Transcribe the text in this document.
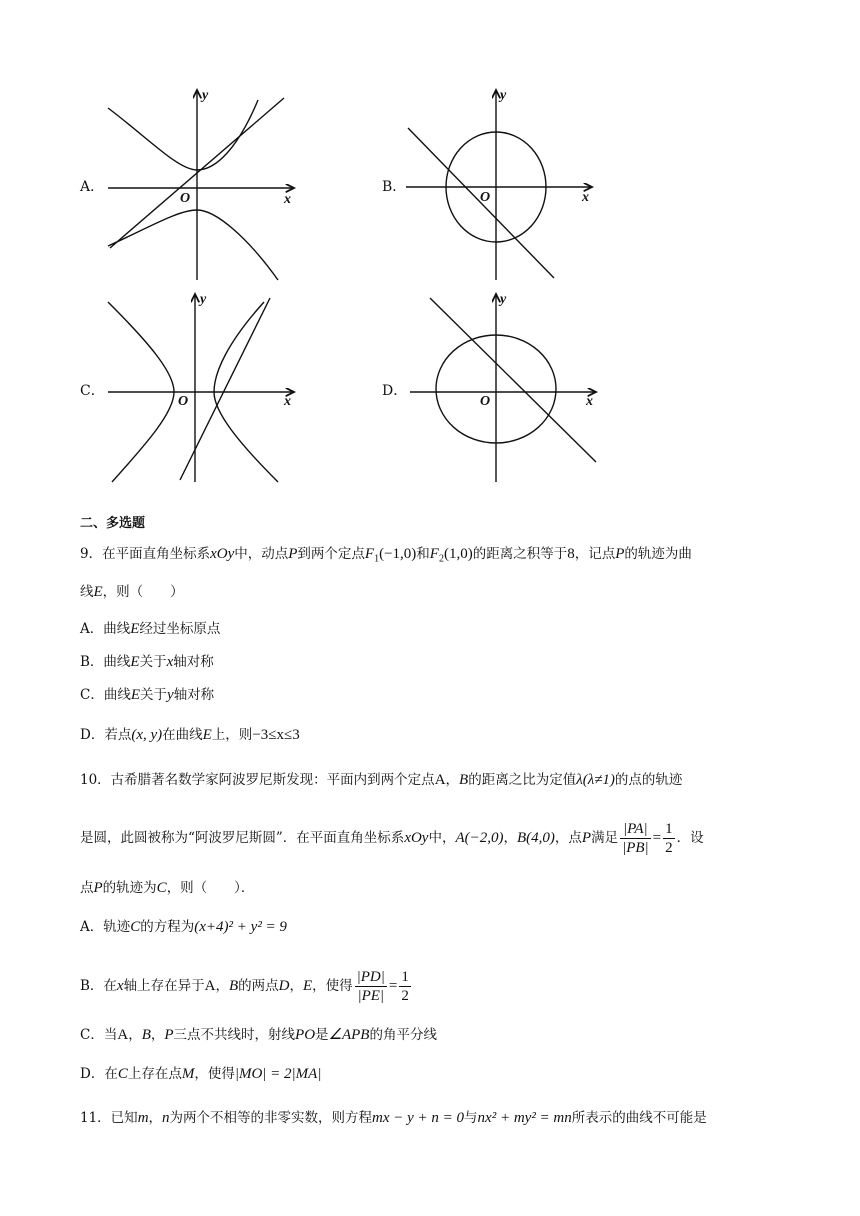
A．
y
x
O
B．
y
x
O
C．
y
x
O
D．
y
x
O
二、多选题
9．在平面直角坐标系xOy中，动点P到两个定点$F_1(-1,0)$和$F_2(1,0)$的距离之积等于8，记点P的轨迹为曲
线E，则（　　）
A．曲线E经过坐标原点
B．曲线E关于x轴对称
C．曲线E关于y轴对称
D．若点(x, y)在曲线E上，则−3≤x≤3
10．古希腊著名数学家阿波罗尼斯发现：平面内到两个定点A，B的距离之比为定值λ(λ≠1)的点的轨迹
是圆，此圆被称为“阿波罗尼斯圆”．在平面直角坐标系xOy中，A(−2,0)，B(4,0)，点P满足 $\frac{|PA|}{|PB|} = \frac{1}{2}$ ．设
点P的轨迹为C，则（　　）．
A．轨迹C的方程为(x+4)² + y² = 9
B．在x轴上存在异于A，B的两点D，E，使得 $\frac{|PD|}{|PE|} = \frac{1}{2}$
C．当A，B，P三点不共线时，射线PO是∠APB的角平分线
D．在C上存在点M，使得|MO| = 2|MA|
11．已知m，n为两个不相等的非零实数，则方程mx − y + n = 0与nx² + my² = mn所表示的曲线不可能是
